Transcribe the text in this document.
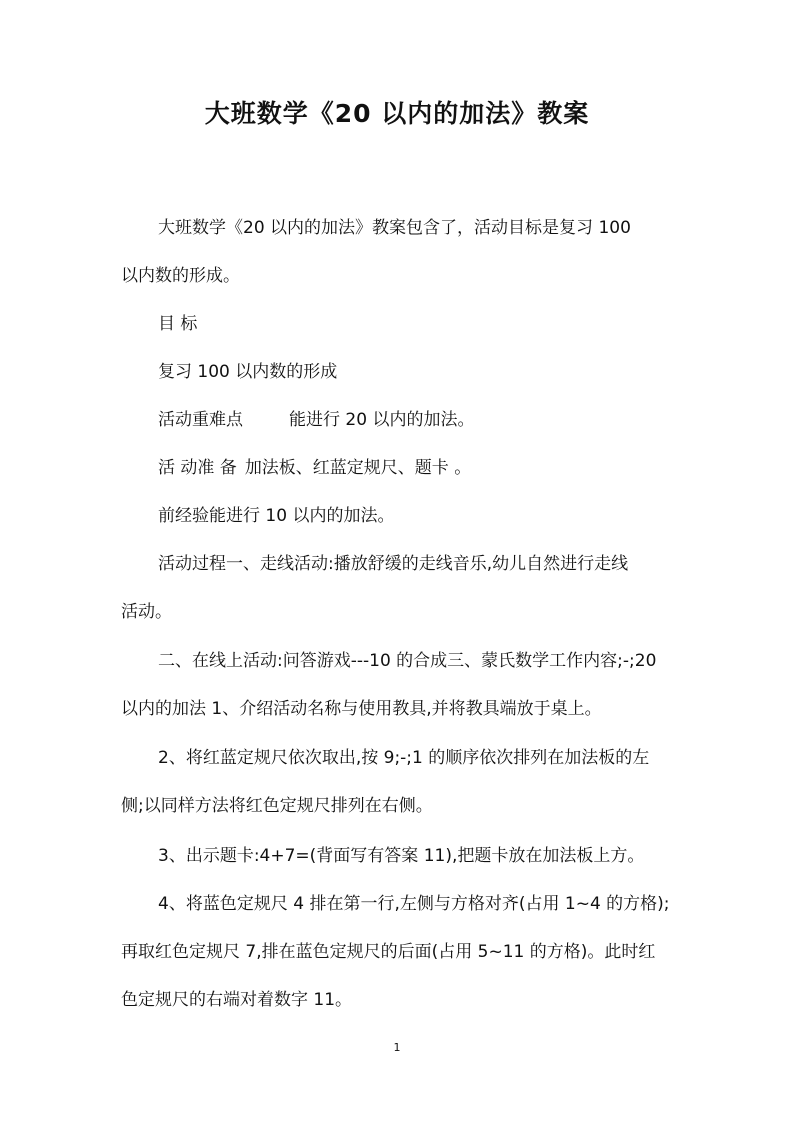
大班数学《20 以内的加法》教案
大班数学《20 以内的加法》教案包含了，活动目标是复习 100
以内数的形成。
目 标
复习 100 以内数的形成
活动重难点	能进行 20 以内的加法。
活 动准 备 加法板、红蓝定规尺、题卡 。
前经验能进行 10 以内的加法。
活动过程一、走线活动:播放舒缓的走线音乐,幼儿自然进行走线
活动。
二、在线上活动:问答游戏---10 的合成三、蒙氏数学工作内容;-;20
以内的加法 1、介绍活动名称与使用教具,并将教具端放于桌上。
2、将红蓝定规尺依次取出,按 9;-;1 的顺序依次排列在加法板的左
侧;以同样方法将红色定规尺排列在右侧。
3、出示题卡:4+7=(背面写有答案 11),把题卡放在加法板上方。
4、将蓝色定规尺 4 排在第一行,左侧与方格对齐(占用 1~4 的方格);
再取红色定规尺 7,排在蓝色定规尺的后面(占用 5~11 的方格)。此时红
色定规尺的右端对着数字 11。
1
